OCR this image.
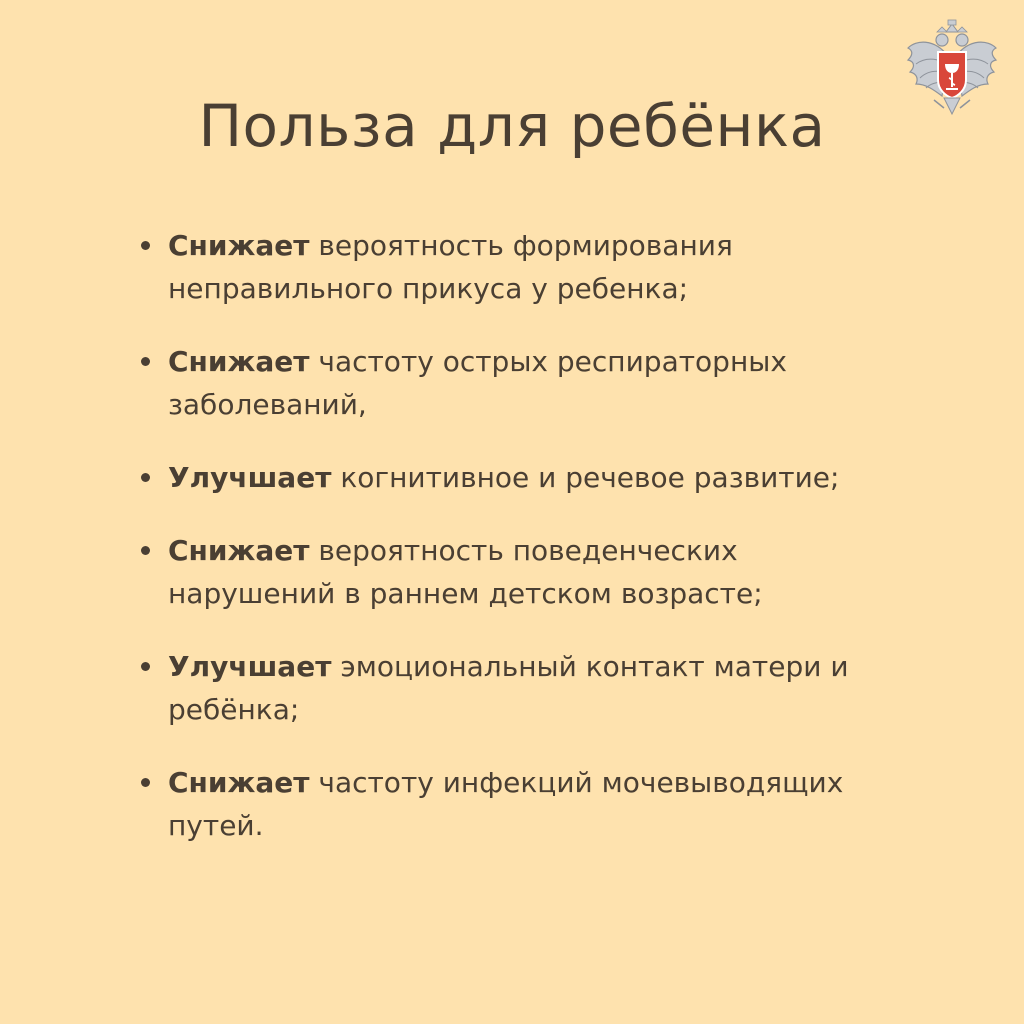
Польза для ребёнка
Снижает вероятность формирования неправильного прикуса у ребенка;
Снижает частоту острых респираторных заболеваний,
Улучшает когнитивное и речевое развитие;
Снижает вероятность поведенческих нарушений в раннем детском возрасте;
Улучшает эмоциональный контакт матери и ребёнка;
Снижает частоту инфекций мочевыводящих путей.
